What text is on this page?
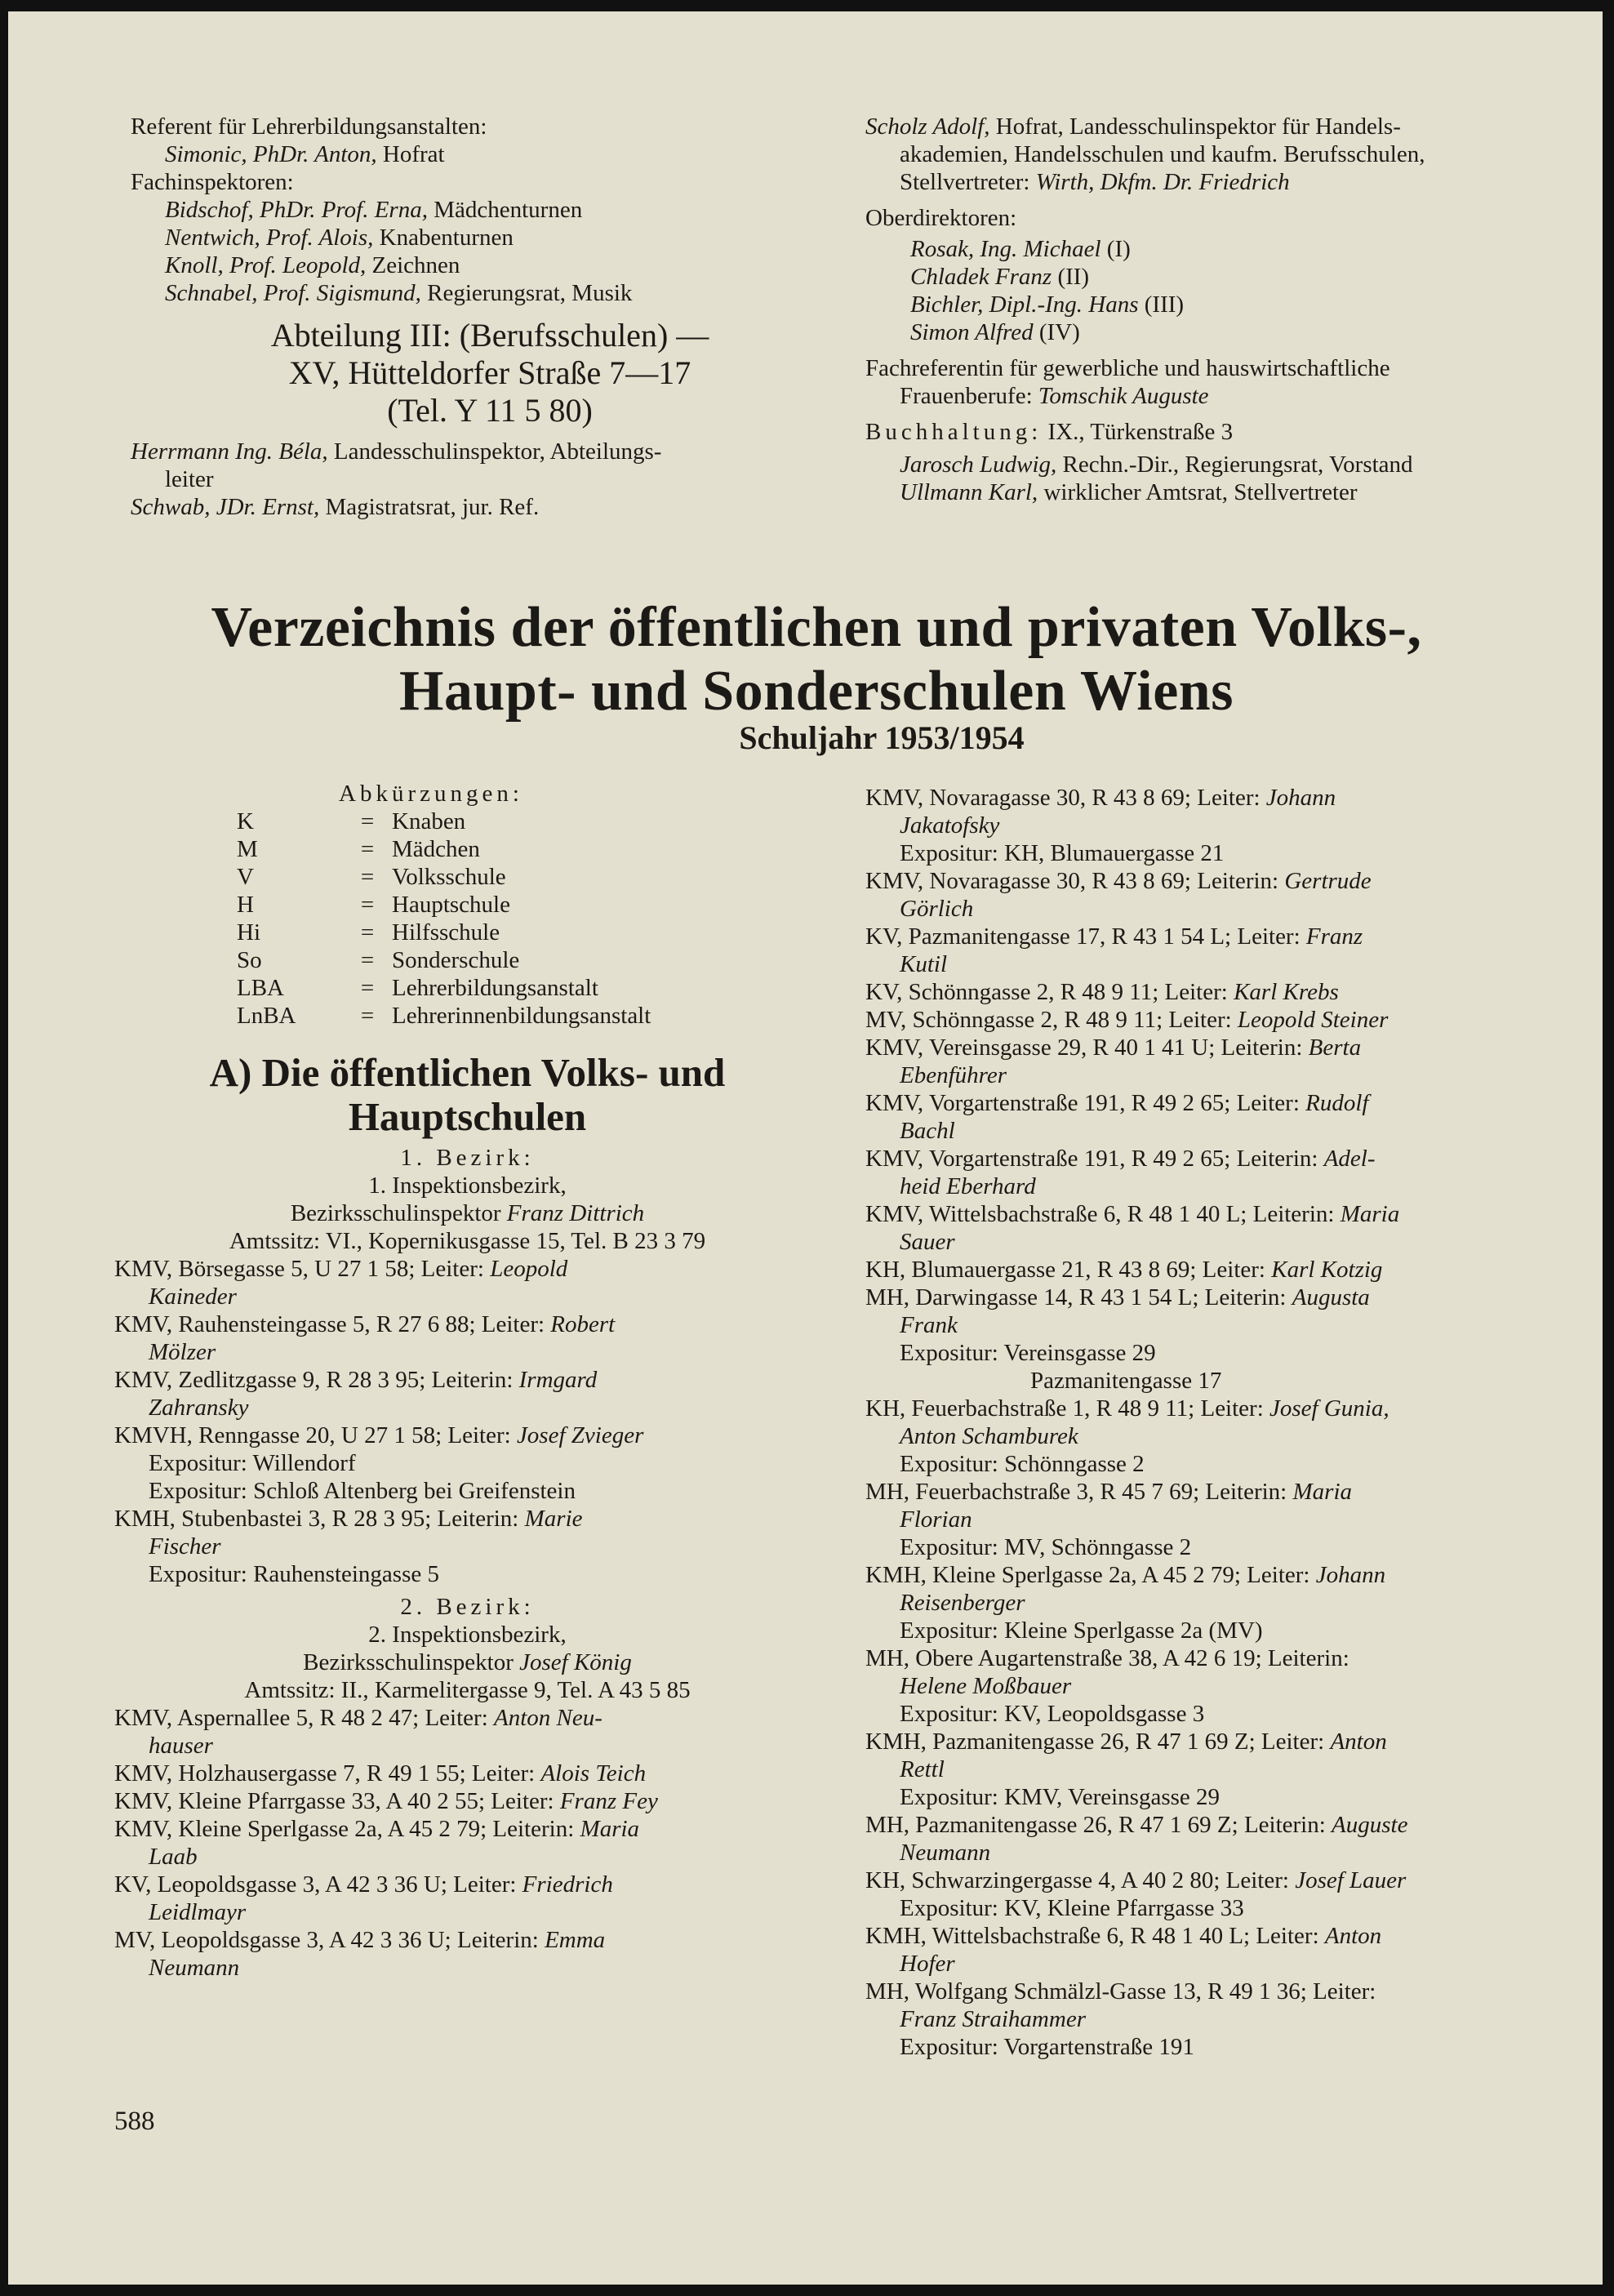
Referent für Lehrerbildungsanstalten:
Simonic, PhDr. Anton, Hofrat
Fachinspektoren:
Bidschof, PhDr. Prof. Erna, Mädchenturnen
Nentwich, Prof. Alois, Knabenturnen
Knoll, Prof. Leopold, Zeichnen
Schnabel, Prof. Sigismund, Regierungsrat, Musik
Abteilung III: (Berufsschulen) —
XV, Hütteldorfer Straße 7—17
(Tel. Y 11 5 80)
Herrmann Ing. Béla, Landesschulinspektor, Abteilungs-
leiter
Schwab, JDr. Ernst, Magistratsrat, jur. Ref.
Scholz Adolf, Hofrat, Landesschulinspektor für Handels-
akademien, Handelsschulen und kaufm. Berufsschulen,
Stellvertreter: Wirth, Dkfm. Dr. Friedrich
Oberdirektoren:
Rosak, Ing. Michael (I)
Chladek Franz (II)
Bichler, Dipl.-Ing. Hans (III)
Simon Alfred (IV)
Fachreferentin für gewerbliche und hauswirtschaftliche
Frauenberufe: Tomschik Auguste
Buchhaltung: IX., Türkenstraße 3
Jarosch Ludwig, Rechn.-Dir., Regierungsrat, Vorstand
Ullmann Karl, wirklicher Amtsrat, Stellvertreter
Verzeichnis der öffentlichen und privaten Volks-,
Haupt- und Sonderschulen Wiens
Schuljahr 1953/1954
Abkürzungen:
K	= Knaben
M	= Mädchen
V	= Volksschule
H	= Hauptschule
Hi	= Hilfsschule
So	= Sonderschule
LBA	= Lehrerbildungsanstalt
LnBA	= Lehrerinnenbildungsanstalt
A) Die öffentlichen Volks- und
Hauptschulen
1. Bezirk:
1. Inspektionsbezirk,
Bezirksschulinspektor Franz Dittrich
Amtssitz: VI., Kopernikusgasse 15, Tel. B 23 3 79
KMV, Börsegasse 5, U 27 1 58; Leiter: Leopold
Kaineder
KMV, Rauhensteingasse 5, R 27 6 88; Leiter: Robert
Mölzer
KMV, Zedlitzgasse 9, R 28 3 95; Leiterin: Irmgard
Zahransky
KMVH, Renngasse 20, U 27 1 58; Leiter: Josef Zvieger
Expositur: Willendorf
Expositur: Schloß Altenberg bei Greifenstein
KMH, Stubenbastei 3, R 28 3 95; Leiterin: Marie
Fischer
Expositur: Rauhensteingasse 5
2. Bezirk:
2. Inspektionsbezirk,
Bezirksschulinspektor Josef König
Amtssitz: II., Karmelitergasse 9, Tel. A 43 5 85
KMV, Aspernallee 5, R 48 2 47; Leiter: Anton Neu-
hauser
KMV, Holzhausergasse 7, R 49 1 55; Leiter: Alois Teich
KMV, Kleine Pfarrgasse 33, A 40 2 55; Leiter: Franz Fey
KMV, Kleine Sperlgasse 2a, A 45 2 79; Leiterin: Maria
Laab
KV, Leopoldsgasse 3, A 42 3 36 U; Leiter: Friedrich
Leidlmayr
MV, Leopoldsgasse 3, A 42 3 36 U; Leiterin: Emma
Neumann
KMV, Novaragasse 30, R 43 8 69; Leiter: Johann
Jakatofsky
Expositur: KH, Blumauergasse 21
KMV, Novaragasse 30, R 43 8 69; Leiterin: Gertrude
Görlich
KV, Pazmanitengasse 17, R 43 1 54 L; Leiter: Franz
Kutil
KV, Schönngasse 2, R 48 9 11; Leiter: Karl Krebs
MV, Schönngasse 2, R 48 9 11; Leiter: Leopold Steiner
KMV, Vereinsgasse 29, R 40 1 41 U; Leiterin: Berta
Ebenführer
KMV, Vorgartenstraße 191, R 49 2 65; Leiter: Rudolf
Bachl
KMV, Vorgartenstraße 191, R 49 2 65; Leiterin: Adel-
heid Eberhard
KMV, Wittelsbachstraße 6, R 48 1 40 L; Leiterin: Maria
Sauer
KH, Blumauergasse 21, R 43 8 69; Leiter: Karl Kotzig
MH, Darwingasse 14, R 43 1 54 L; Leiterin: Augusta
Frank
Expositur: Vereinsgasse 29
Pazmanitengasse 17
KH, Feuerbachstraße 1, R 48 9 11; Leiter: Josef Gunia,
Anton Schamburek
Expositur: Schönngasse 2
MH, Feuerbachstraße 3, R 45 7 69; Leiterin: Maria
Florian
Expositur: MV, Schönngasse 2
KMH, Kleine Sperlgasse 2a, A 45 2 79; Leiter: Johann
Reisenberger
Expositur: Kleine Sperlgasse 2a (MV)
MH, Obere Augartenstraße 38, A 42 6 19; Leiterin:
Helene Moßbauer
Expositur: KV, Leopoldsgasse 3
KMH, Pazmanitengasse 26, R 47 1 69 Z; Leiter: Anton
Rettl
Expositur: KMV, Vereinsgasse 29
MH, Pazmanitengasse 26, R 47 1 69 Z; Leiterin: Auguste
Neumann
KH, Schwarzingergasse 4, A 40 2 80; Leiter: Josef Lauer
Expositur: KV, Kleine Pfarrgasse 33
KMH, Wittelsbachstraße 6, R 48 1 40 L; Leiter: Anton
Hofer
MH, Wolfgang Schmälzl-Gasse 13, R 49 1 36; Leiter:
Franz Straihammer
Expositur: Vorgartenstraße 191
588
